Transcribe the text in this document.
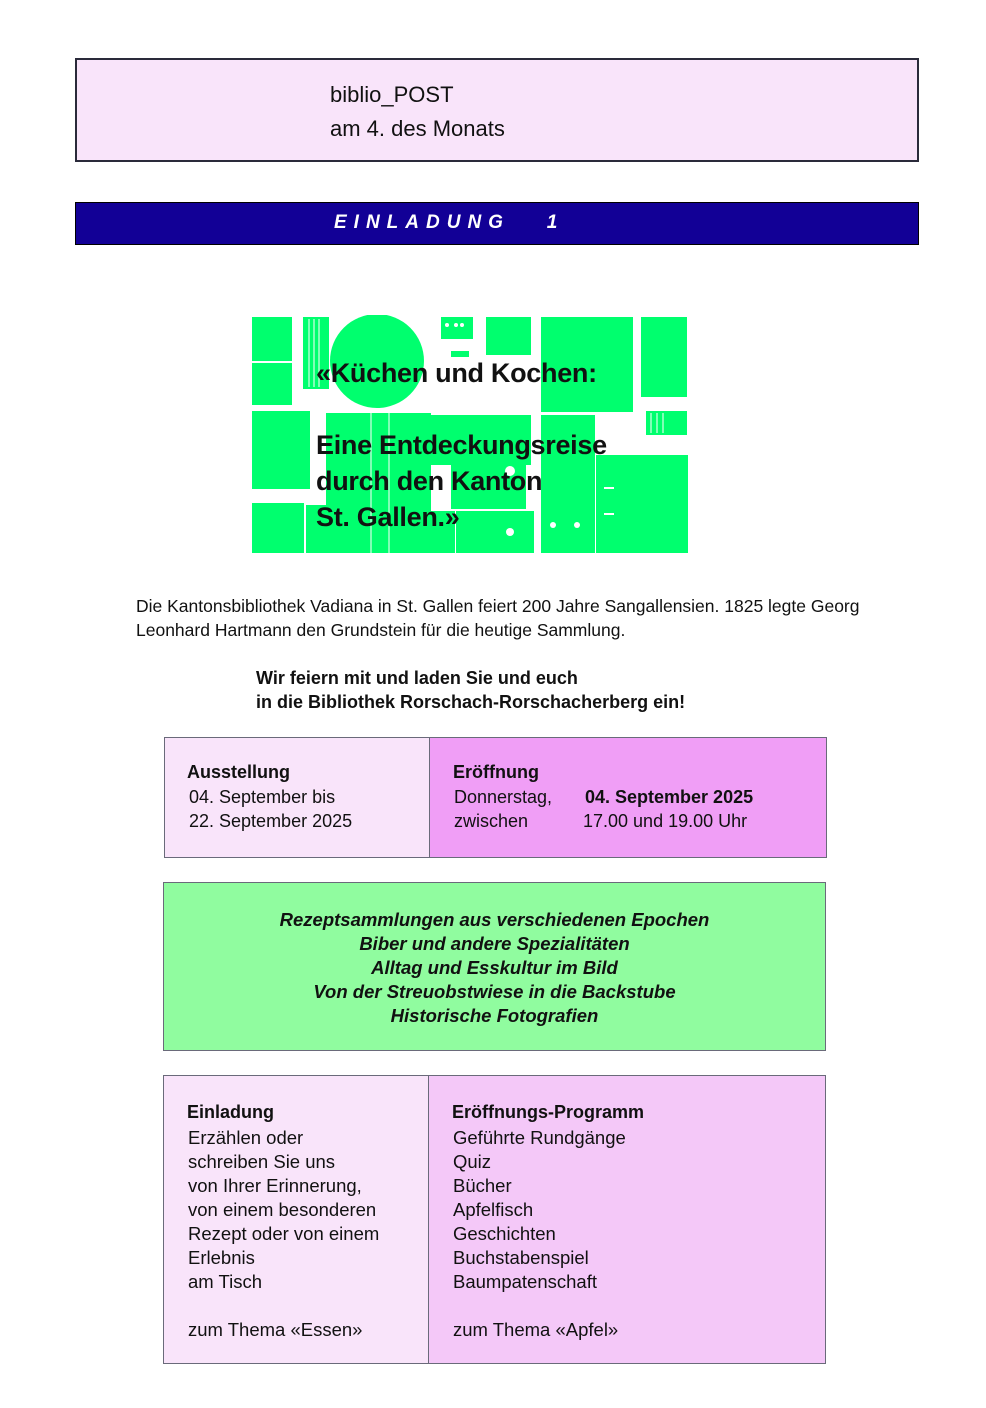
biblio_POST
am 4. des Monats
EINLADUNG   1
«Küchen und Kochen:
Eine Entdeckungsreise
durch den Kanton
St. Gallen.»
Die Kantonsbibliothek Vadiana in St. Gallen feiert 200 Jahre Sangallensien. 1825 legte Georg Leonhard Hartmann den Grundstein für die heutige Sammlung.
Wir feiern mit und laden Sie und euch
in die Bibliothek Rorschach-Rorschacherberg ein!
Ausstellung
04. September bis
22. September 2025
Eröffnung
Donnerstag, 04. September 2025
zwischen	17.00 und 19.00 Uhr
Rezeptsammlungen aus verschiedenen Epochen
Biber und andere Spezialitäten
Alltag und Esskultur im Bild
Von der Streuobstwiese in die Backstube
Historische Fotografien
Einladung
Erzählen oder
schreiben Sie uns
von Ihrer Erinnerung,
von einem besonderen
Rezept oder von einem
Erlebnis
am Tisch
zum Thema «Essen»
Eröffnungs-Programm
Geführte Rundgänge
Quiz
Bücher
Apfelfisch
Geschichten
Buchstabenspiel
Baumpatenschaft
zum Thema «Apfel»
